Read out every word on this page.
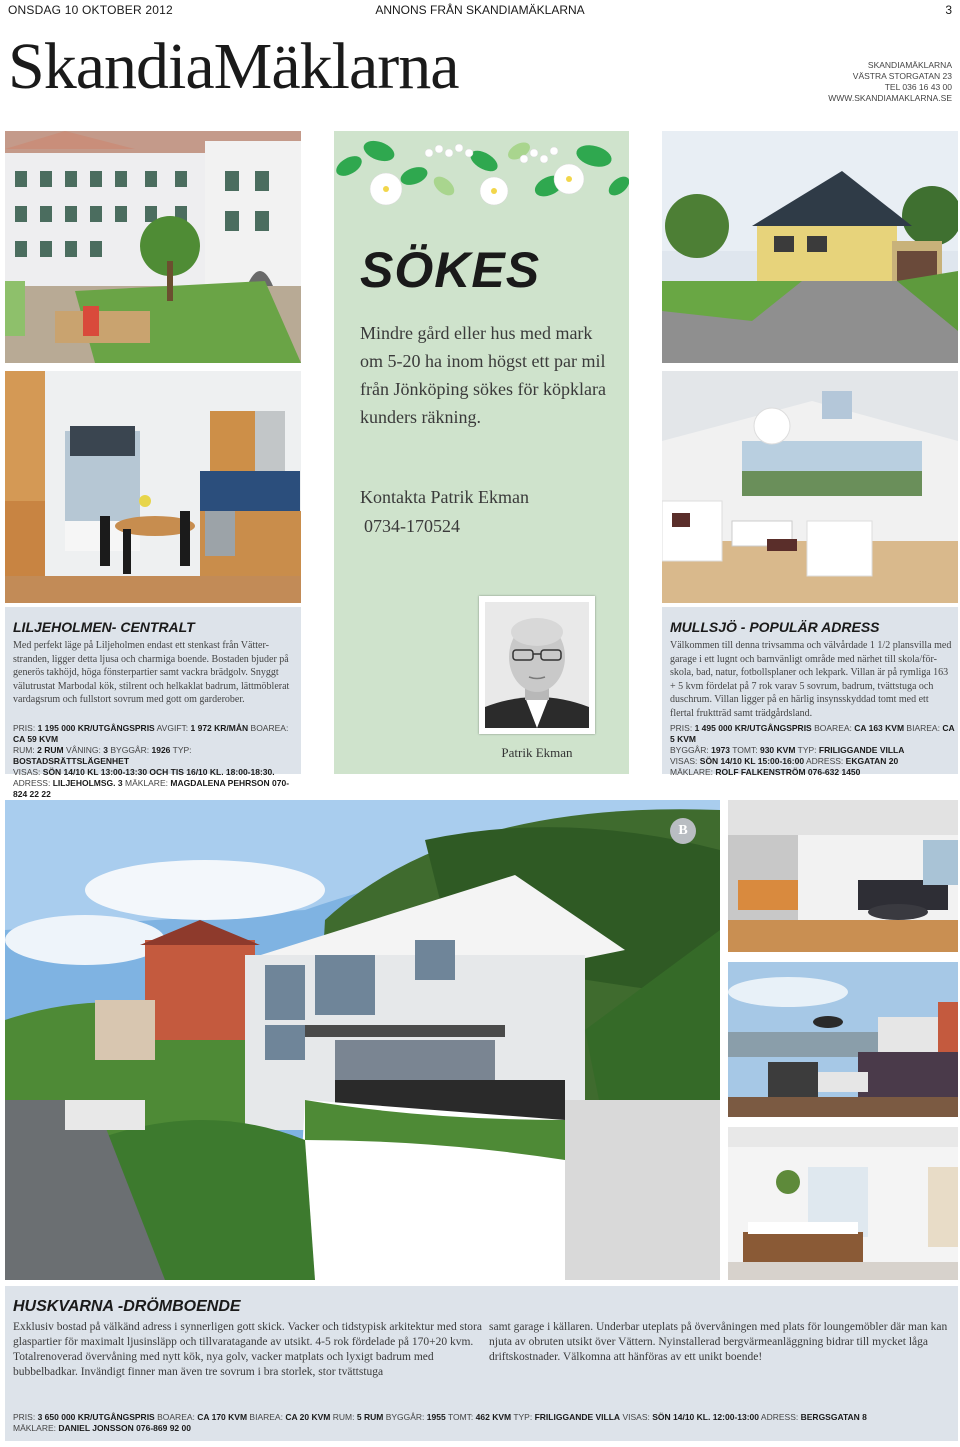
ONSDAG 10 OKTOBER 2012	ANNONS FRÅN SKANDIAMÄKLARNA	3
SkandiaMäklarna	SKANDIAMÄKLARNA
VÄSTRA STORGATAN 23
TEL 036 16 43 00
WWW.SKANDIAMAKLARNA.SE
LILJEHOLMEN- CENTRALT
Med perfekt läge på Liljeholmen endast ett stenkast från Vätter-stranden, ligger detta ljusa och charmiga boende. Bostaden bjuder på generös takhöjd, höga fönsterpartier samt vackra brädgolv. Snyggt välutrustat Marbodal kök, stilrent och helkaklat badrum, lättmöblerat vardagsrum och fullstort sovrum med gott om garderober.
PRIS: 1 195 000 KR/UTGÅNGSPRIS AVGIFT: 1 972 KR/MÅN BOAREA: CA 59 KVM
RUM: 2 RUM VÅNING: 3 BYGGÅR: 1926 TYP: BOSTADSRÄTTSLÄGENHET
VISAS: SÖN 14/10 KL 13:00-13:30 OCH TIS 16/10 KL. 18:00-18:30.
ADRESS: LILJEHOLMSG. 3 MÄKLARE: MAGDALENA PEHRSON 070-824 22 22
SÖKES
Mindre gård eller hus med mark om 5-20 ha inom högst ett par mil från Jönköping sökes för köpklara kunders räkning.
Kontakta Patrik Ekman
0734-170524
Patrik Ekman
MULLSJÖ - POPULÄR ADRESS
Välkommen till denna trivsamma och välvårdade 1 1/2 plansvilla med garage i ett lugnt och barnvänligt område med närhet till skola/för-skola, bad, natur, fotbollsplaner och lekpark. Villan är på rymliga 163 + 5 kvm fördelat på 7 rok varav 5 sovrum, badrum, tvättstuga och duschrum. Villan ligger på en härlig insynsskyddad tomt med ett flertal fruktträd samt trädgårdsland.
PRIS: 1 495 000 KR/UTGÅNGSPRIS BOAREA: CA 163 KVM BIAREA: CA 5 KVM
BYGGÅR: 1973 TOMT: 930 KVM TYP: FRILIGGANDE VILLA
VISAS: SÖN 14/10 KL 15:00-16:00 ADRESS: EKGATAN 20
MÄKLARE: ROLF FALKENSTRÖM 076-632 1450
B
HUSKVARNA -DRÖMBOENDE
Exklusiv bostad på välkänd adress i synnerligen gott skick. Vacker och tidstypisk arkitektur med stora glaspartier för maximalt ljusinsläpp och tillvaratagande av utsikt. 4-5 rok fördelade på 170+20 kvm. Totalrenoverad övervåning med nytt kök, nya golv, vacker matplats och lyxigt badrum med bubbelbadkar. Invändigt finner man även tre sovrum i bra storlek, stor tvättstuga
samt garage i källaren. Underbar uteplats på övervåningen med plats för loungemöbler där man kan njuta av obruten utsikt över Vättern. Nyinstallerad bergvärmeanläggning bidrar till mycket låga driftskostnader. Välkomna att hänföras av ett unikt boende!
PRIS: 3 650 000 KR/UTGÅNGSPRIS BOAREA: CA 170 KVM BIAREA: CA 20 KVM RUM: 5 RUM BYGGÅR: 1955 TOMT: 462 KVM TYP: FRILIGGANDE VILLA VISAS: SÖN 14/10 KL. 12:00-13:00 ADRESS: BERGSGATAN 8
MÄKLARE: DANIEL JONSSON 076-869 92 00
